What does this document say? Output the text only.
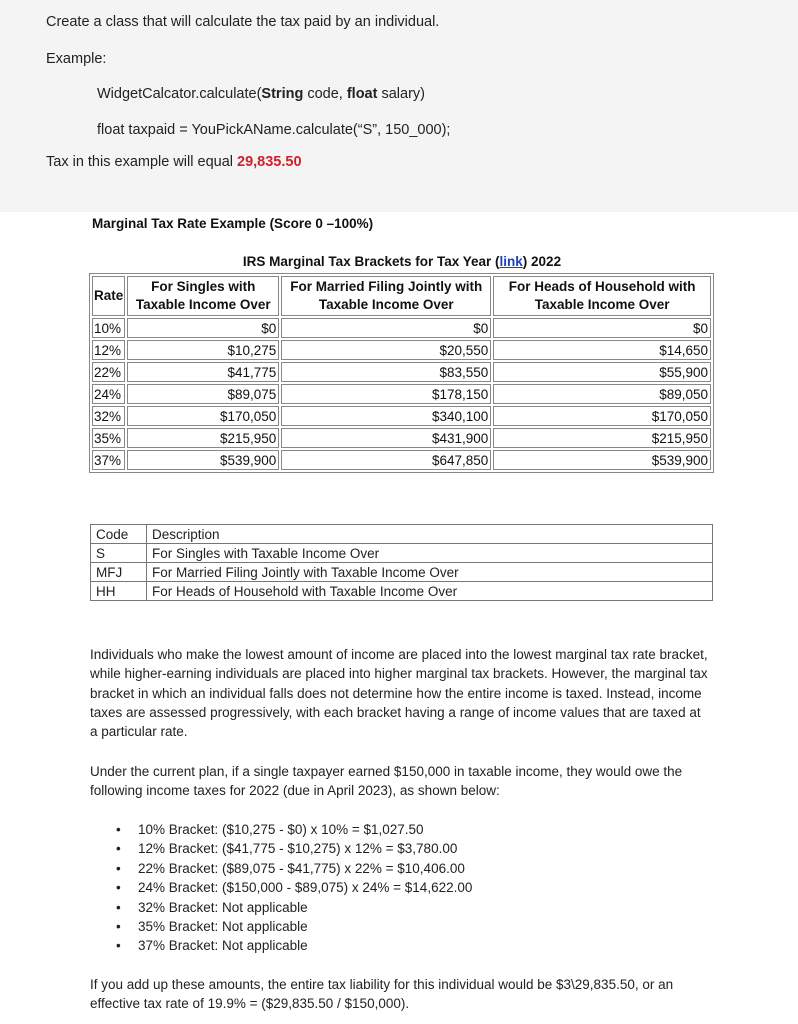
Create a class that will calculate the tax paid by an individual.
Example:
WidgetCalcator.calculate(String code, float salary)
float taxpaid = YouPickAName.calculate(“S”, 150_000);
Tax in this example will equal 29,835.50
Marginal Tax Rate Example (Score 0 –100%)
IRS Marginal Tax Brackets for Tax Year (link) 2022
Rate	For Singles with Taxable Income Over	For Married Filing Jointly with Taxable Income Over	For Heads of Household with Taxable Income Over
10%	$0	$0	$0
12%	$10,275	$20,550	$14,650
22%	$41,775	$83,550	$55,900
24%	$89,075	$178,150	$89,050
32%	$170,050	$340,100	$170,050
35%	$215,950	$431,900	$215,950
37%	$539,900	$647,850	$539,900
Code	Description
S	For Singles with Taxable Income Over
MFJ	For Married Filing Jointly with Taxable Income Over
HH	For Heads of Household with Taxable Income Over

Individuals who make the lowest amount of income are placed into the lowest marginal tax rate bracket, while higher-earning individuals are placed into higher marginal tax brackets. However, the marginal tax bracket in which an individual falls does not determine how the entire income is taxed. Instead, income taxes are assessed progressively, with each bracket having a range of income values that are taxed at a particular rate.

Under the current plan, if a single taxpayer earned $150,000 in taxable income, they would owe the following income taxes for 2022 (due in April 2023), as shown below:

• 10% Bracket: ($10,275 - $0) x 10% = $1,027.50
• 12% Bracket: ($41,775 - $10,275) x 12% = $3,780.00
• 22% Bracket: ($89,075 - $41,775) x 22% = $10,406.00
• 24% Bracket: ($150,000 - $89,075) x 24% = $14,622.00
• 32% Bracket: Not applicable
• 35% Bracket: Not applicable
• 37% Bracket: Not applicable

If you add up these amounts, the entire tax liability for this individual would be $3\29,835.50, or an effective tax rate of 19.9% = ($29,835.50 / $150,000).
